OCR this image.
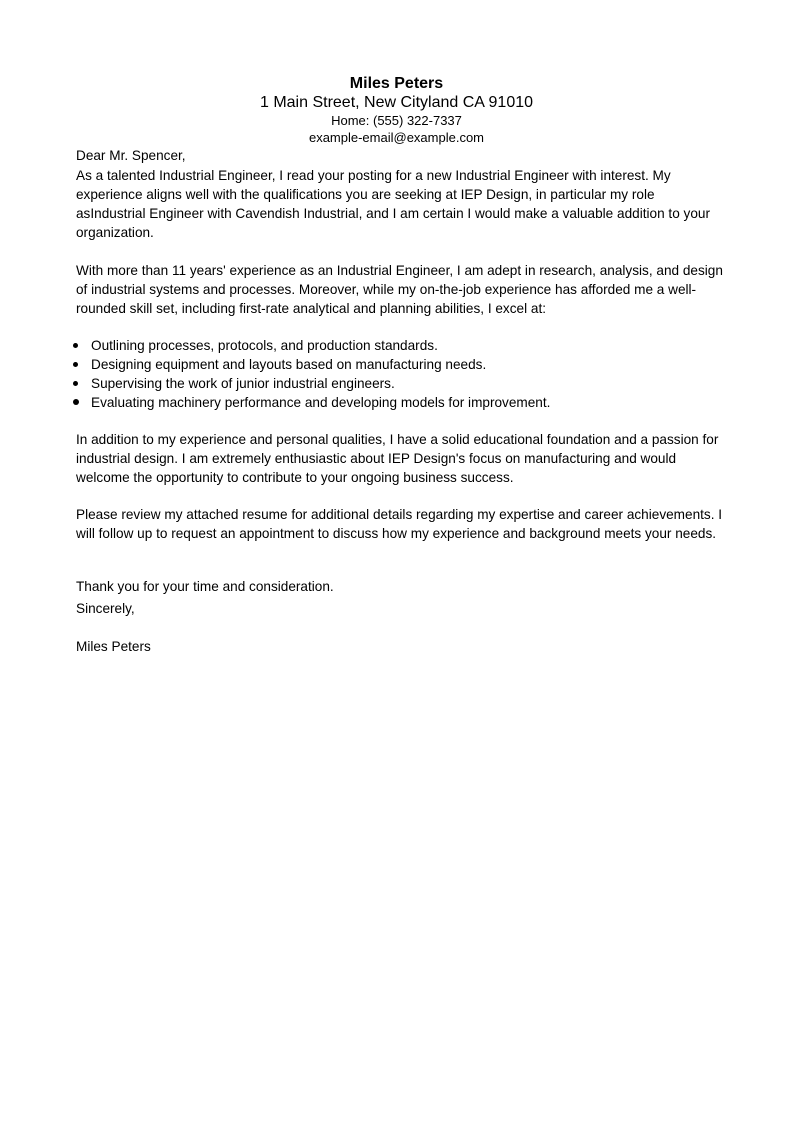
Miles Peters
1 Main Street, New Cityland CA 91010
Home: (555) 322-7337
example-email@example.com
Dear Mr. Spencer,

As a talented Industrial Engineer, I read your posting for a new Industrial Engineer with interest. My experience aligns well with the qualifications you are seeking at IEP Design, in particular my role asIndustrial Engineer with Cavendish Industrial, and I am certain I would make a valuable addition to your organization.

With more than 11 years' experience as an Industrial Engineer, I am adept in research, analysis, and design of industrial systems and processes. Moreover, while my on-the-job experience has afforded me a well-rounded skill set, including first-rate analytical and planning abilities, I excel at:

Outlining processes, protocols, and production standards.
Designing equipment and layouts based on manufacturing needs.
Supervising the work of junior industrial engineers.
Evaluating machinery performance and developing models for improvement.

In addition to my experience and personal qualities, I have a solid educational foundation and a passion for industrial design. I am extremely enthusiastic about IEP Design's focus on manufacturing and would welcome the opportunity to contribute to your ongoing business success.

Please review my attached resume for additional details regarding my expertise and career achievements. I will follow up to request an appointment to discuss how my experience and background meets your needs.

Thank you for your time and consideration.
Sincerely,
Miles Peters
